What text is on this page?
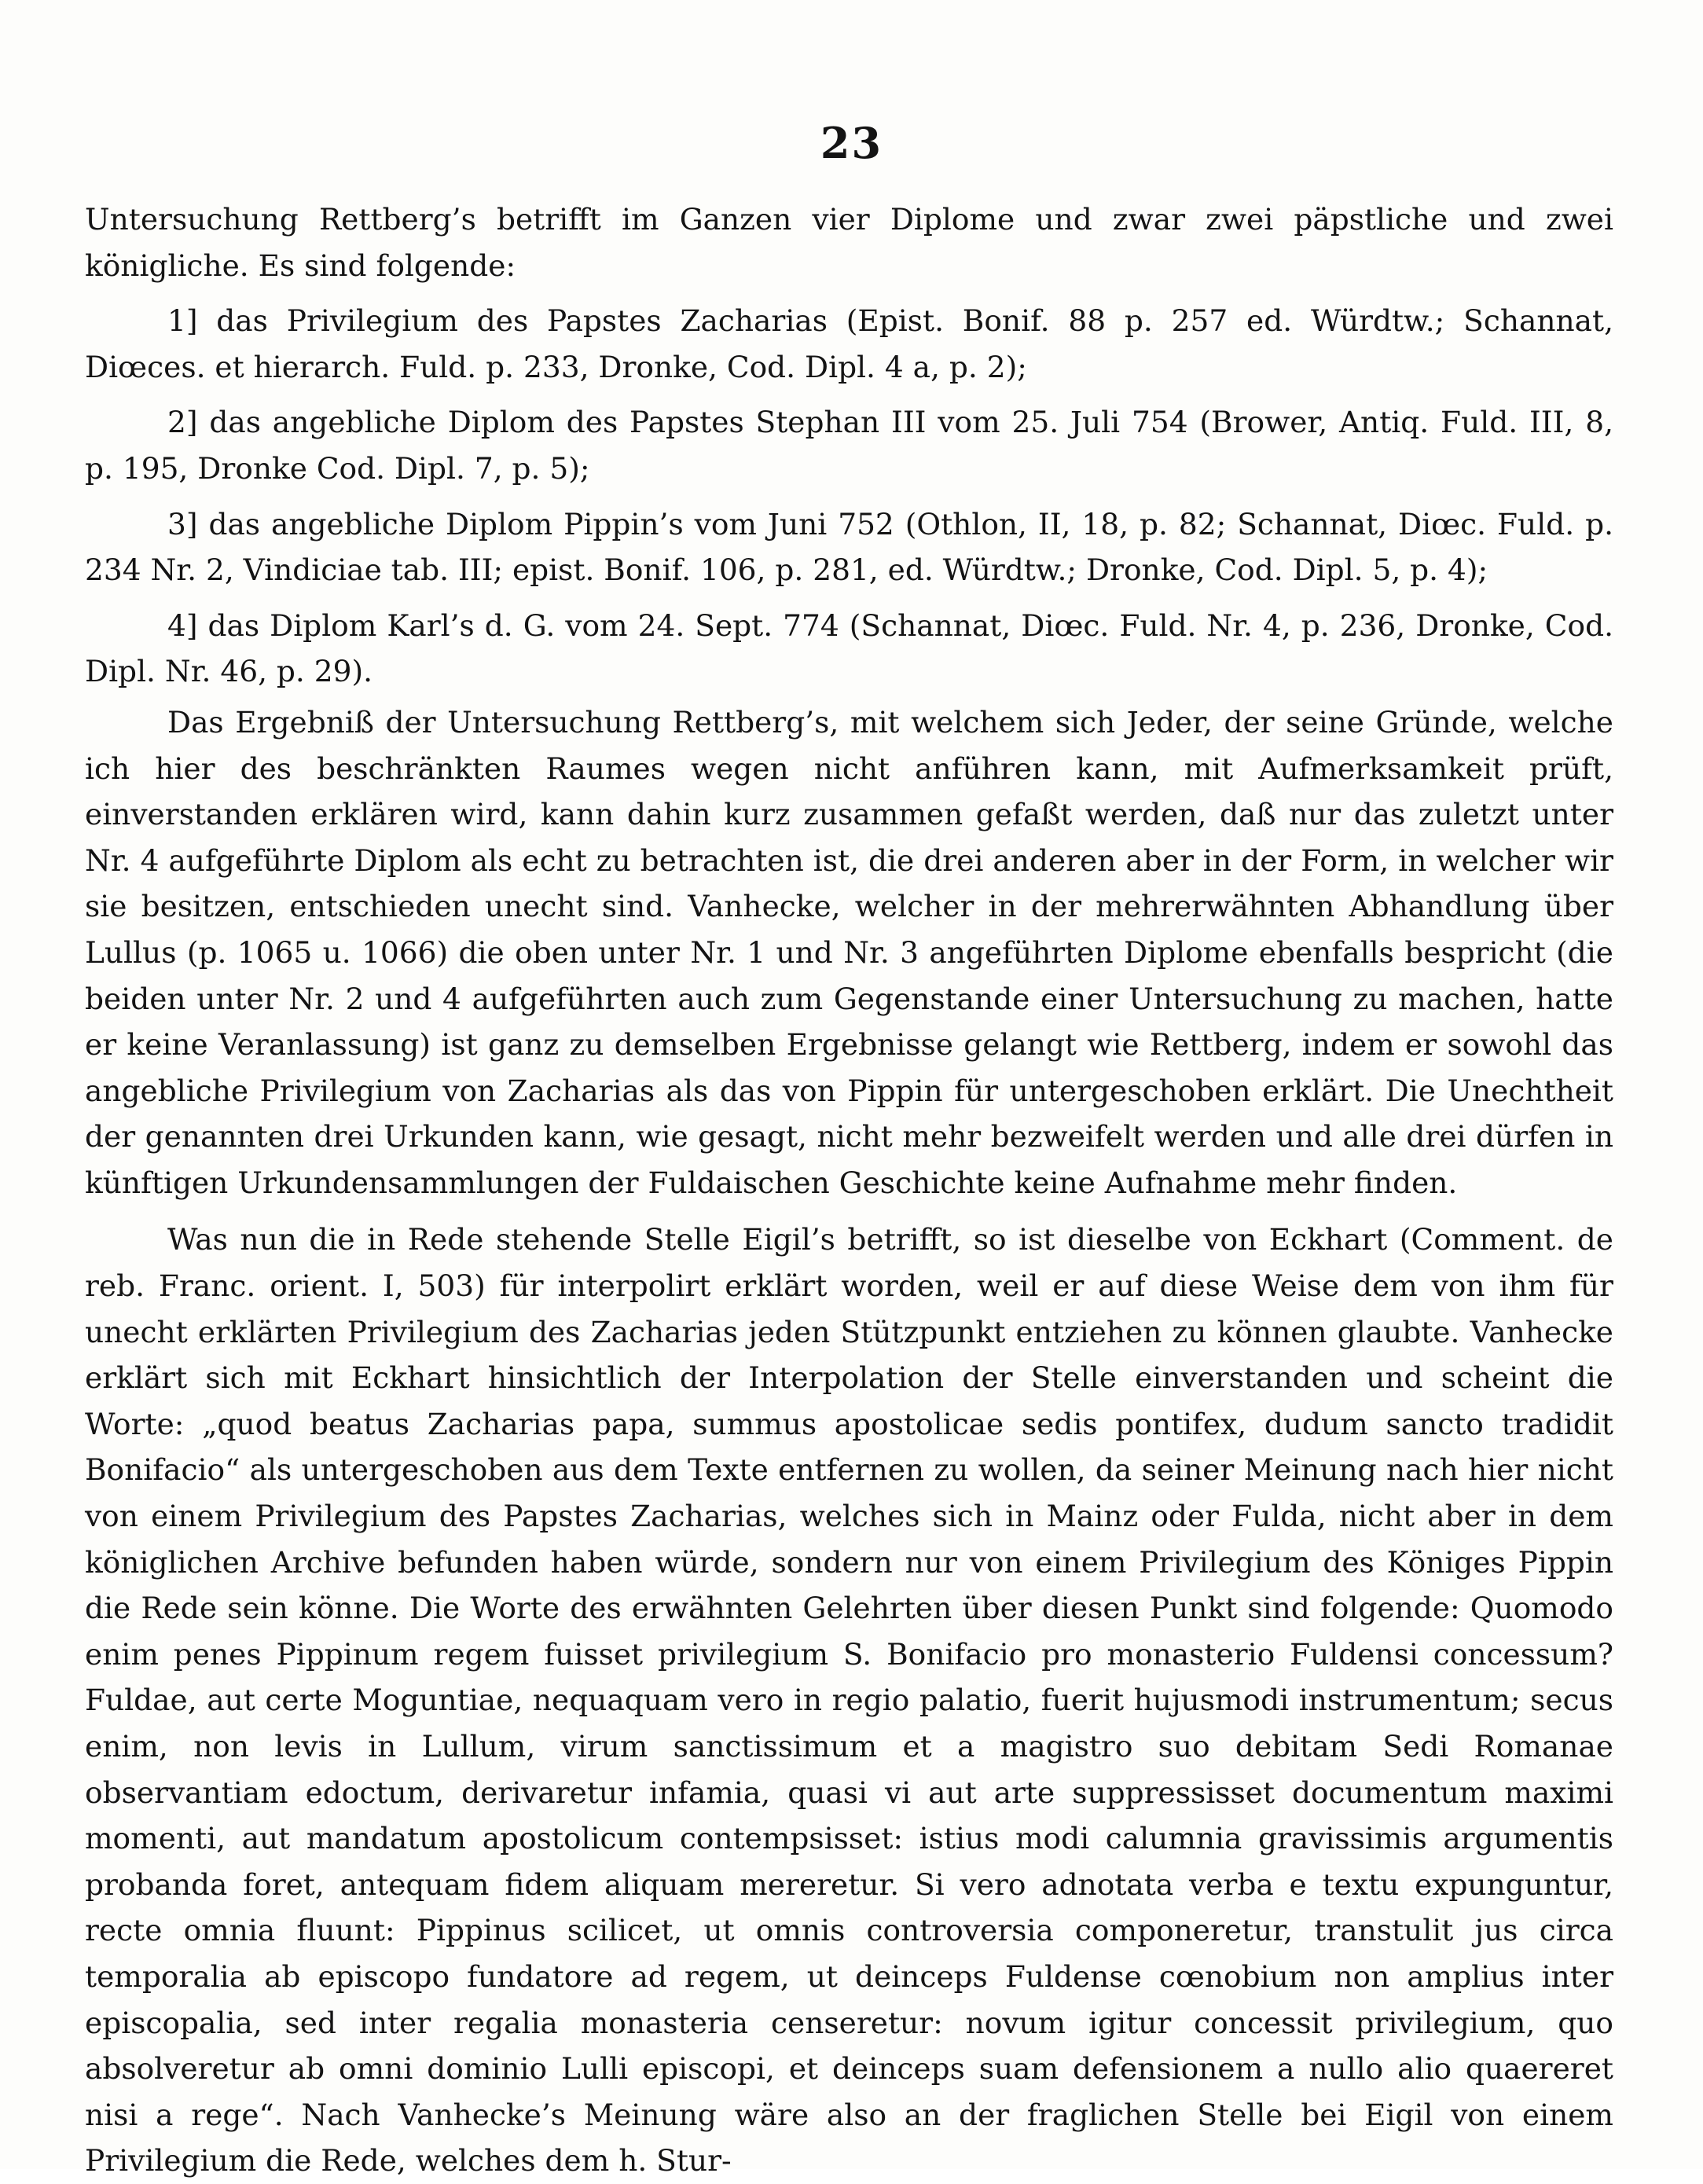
23

Untersuchung Rettberg’s betrifft im Ganzen vier Diplome und zwar zwei päpstliche und zwei königliche. Es sind folgende:

1] das Privilegium des Papstes Zacharias (Epist. Bonif. 88 p. 257 ed. Würdtw.; Schannat, Diœces. et hierarch. Fuld. p. 233, Dronke, Cod. Dipl. 4 a, p. 2);

2] das angebliche Diplom des Papstes Stephan III vom 25. Juli 754 (Brower, Antiq. Fuld. III, 8, p. 195, Dronke Cod. Dipl. 7, p. 5);

3] das angebliche Diplom Pippin’s vom Juni 752 (Othlon, II, 18, p. 82; Schannat, Diœc. Fuld. p. 234 Nr. 2, Vindiciae tab. III; epist. Bonif. 106, p. 281, ed. Würdtw.; Dronke, Cod. Dipl. 5, p. 4);

4] das Diplom Karl’s d. G. vom 24. Sept. 774 (Schannat, Diœc. Fuld. Nr. 4, p. 236, Dronke, Cod. Dipl. Nr. 46, p. 29).

Das Ergebniß der Untersuchung Rettberg’s, mit welchem sich Jeder, der seine Gründe, welche ich hier des beschränkten Raumes wegen nicht anführen kann, mit Aufmerksamkeit prüft, einverstanden erklären wird, kann dahin kurz zusammen gefaßt werden, daß nur das zuletzt unter Nr. 4 aufgeführte Diplom als echt zu betrachten ist, die drei anderen aber in der Form, in welcher wir sie besitzen, entschieden unecht sind. Vanhecke, welcher in der mehrerwähnten Abhandlung über Lullus (p. 1065 u. 1066) die oben unter Nr. 1 und Nr. 3 angeführten Diplome ebenfalls bespricht (die beiden unter Nr. 2 und 4 aufgeführten auch zum Gegenstande einer Untersuchung zu machen, hatte er keine Veranlassung) ist ganz zu demselben Ergebnisse gelangt wie Rettberg, indem er sowohl das angebliche Privilegium von Zacharias als das von Pippin für untergeschoben erklärt. Die Unechtheit der genannten drei Urkunden kann, wie gesagt, nicht mehr bezweifelt werden und alle drei dürfen in künftigen Urkundensammlungen der Fuldaischen Geschichte keine Aufnahme mehr finden.

Was nun die in Rede stehende Stelle Eigil’s betrifft, so ist dieselbe von Eckhart (Comment. de reb. Franc. orient. I, 503) für interpolirt erklärt worden, weil er auf diese Weise dem von ihm für unecht erklärten Privilegium des Zacharias jeden Stützpunkt entziehen zu können glaubte. Vanhecke erklärt sich mit Eckhart hinsichtlich der Interpolation der Stelle einverstanden und scheint die Worte: „quod beatus Zacharias papa, summus apostolicae sedis pontifex, dudum sancto tradidit Bonifacio“ als untergeschoben aus dem Texte entfernen zu wollen, da seiner Meinung nach hier nicht von einem Privilegium des Papstes Zacharias, welches sich in Mainz oder Fulda, nicht aber in dem königlichen Archive befunden haben würde, sondern nur von einem Privilegium des Königes Pippin die Rede sein könne. Die Worte des erwähnten Gelehrten über diesen Punkt sind folgende: Quomodo enim penes Pippinum regem fuisset privilegium S. Bonifacio pro monasterio Fuldensi concessum? Fuldae, aut certe Moguntiae, nequaquam vero in regio palatio, fuerit hujusmodi instrumentum; secus enim, non levis in Lullum, virum sanctissimum et a magistro suo debitam Sedi Romanae observantiam edoctum, derivaretur infamia, quasi vi aut arte suppressisset documentum maximi momenti, aut mandatum apostolicum contempsisset: istius modi calumnia gravissimis argumentis probanda foret, antequam fidem aliquam mereretur. Si vero adnotata verba e textu expunguntur, recte omnia fluunt: Pippinus scilicet, ut omnis controversia componeretur, transtulit jus circa temporalia ab episcopo fundatore ad regem, ut deinceps Fuldense cœnobium non amplius inter episcopalia, sed inter regalia monasteria censeretur: novum igitur concessit privilegium, quo absolveretur ab omni dominio Lulli episcopi, et deinceps suam defensionem a nullo alio quaereret nisi a rege“. Nach Vanhecke’s Meinung wäre also an der fraglichen Stelle bei Eigil von einem Privilegium die Rede, welches dem h. Stur-
